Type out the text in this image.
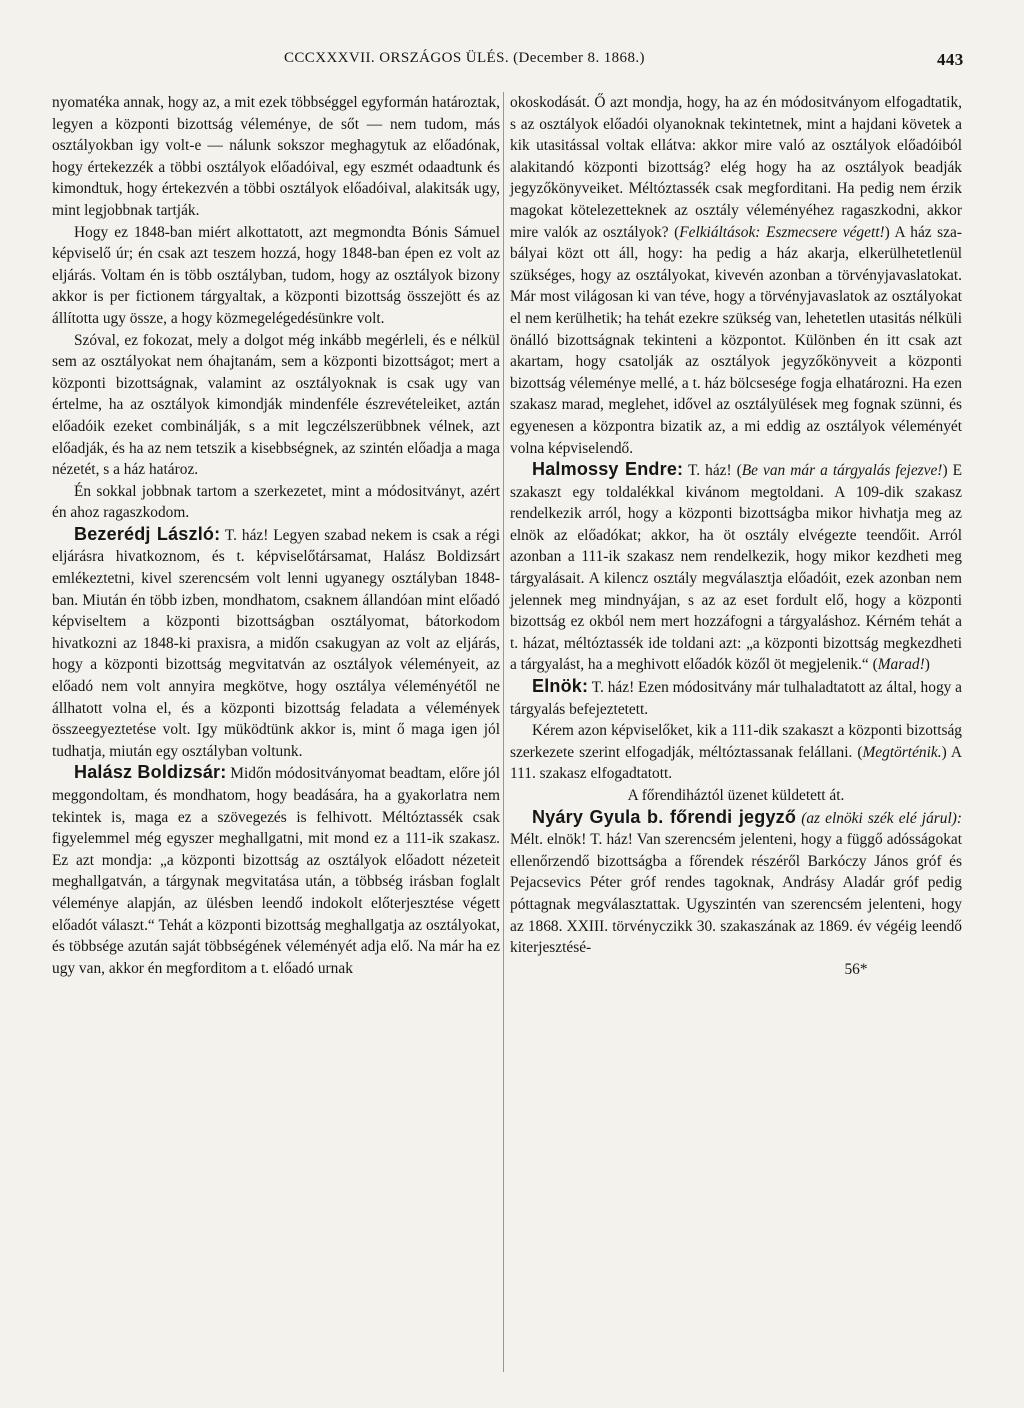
CCCXXXVII. ORSZÁGOS ÜLÉS. (December 8. 1868.)	443

nyomatéka annak, hogy az, a mit ezek többséggel egyformán határoztak, legyen a központi bizottság véleménye, de sőt — nem tudom, más osztályokban igy volt-e — nálunk sokszor meghagytuk az előadónak, hogy értekezzék a többi osztályok előadóival, egy eszmét odaadtunk és kimondtuk, hogy értekezvén a többi osztályok előadóival, alakitsák ugy, mint legjobbnak tartják.

Hogy ez 1848-ban miért alkottatott, azt megmondta Bónis Sámuel képviselő úr; én csak azt teszem hozzá, hogy 1848-ban épen ez volt az eljárás. Voltam én is több osztályban, tudom, hogy az osztályok bizony akkor is per fictionem tárgyaltak, a központi bizottság összejött és az állította ugy össze, a hogy közmegelégedésünkre volt.

Szóval, ez fokozat, mely a dolgot még inkább megérleli, és e nélkül sem az osztályokat nem óhajtanám, sem a központi bizottságot; mert a központi bizottságnak, valamint az osztályoknak is csak ugy van értelme, ha az osztályok kimondják mindenféle észrevételeiket, aztán előadóik ezeket combinálják, s a mit legczélszerübbnek vélnek, azt előadják, és ha az nem tetszik a kisebbségnek, az szintén előadja a maga nézetét, s a ház határoz.

Én sokkal jobbnak tartom a szerkezetet, mint a módositványt, azért én ahoz ragaszkodom.

Bezerédj László: T. ház! Legyen szabad nekem is csak a régi eljárásra hivatkoznom, és t. képviselőtársamat, Halász Boldizsárt emlékeztetni, kivel szerencsém volt lenni ugyanegy osztályban 1848-ban. Miután én több izben, mondhatom, csaknem állandóan mint előadó képviseltem a központi bizottságban osztályomat, bátorkodom hivatkozni az 1848-ki praxisra, a midőn csakugyan az volt az eljárás, hogy a központi bizottság megvitatván az osztályok véleményeit, az előadó nem volt annyira megkötve, hogy osztálya véleményétől ne állhatott volna el, és a központi bizottság feladata a vélemények összeegyeztetése volt. Igy müködtünk akkor is, mint ő maga igen jól tudhatja, miután egy osztályban voltunk.

Halász Boldizsár: Midőn módositványomat beadtam, előre jól meggondoltam, és mondhatom, hogy beadására, ha a gyakorlatra nem tekintek is, maga ez a szövegezés is felhivott. Méltóztassék csak figyelemmel még egyszer meghallgatni, mit mond ez a 111-ik szakasz. Ez azt mondja: „a központi bizottság az osztályok előadott nézeteit meghallgatván, a tárgynak megvitatása után, a többség irásban foglalt véleménye alapján, az ülésben leendő indokolt előterjesztése végett előadót választ.“ Tehát a központi bizottság meghallgatja az osztályokat, és többsége azután saját többségének véleményét adja elő. Na már ha ez ugy van, akkor én megforditom a t. előadó urnak

okoskodását. Ő azt mondja, hogy, ha az én módositványom elfogadtatik, s az osztályok előadói olyanoknak tekintetnek, mint a hajdani követek a kik utasitással voltak ellátva: akkor mire való az osztályok előadóiból alakitandó központi bizottság? elég hogy ha az osztályok beadják jegyzőkönyveiket. Méltóztassék csak megforditani. Ha pedig nem érzik magokat kötelezetteknek az osztály véleményéhez ragaszkodni, akkor mire valók az osztályok? (Felkiáltások: Eszmecsere végett!) A ház szabályai közt ott áll, hogy: ha pedig a ház akarja, elkerülhetetlenül szükséges, hogy az osztályokat, kivevén azonban a törvényjavaslatokat. Már most világosan ki van téve, hogy a törvényjavaslatok az osztályokat el nem kerülhetik; ha tehát ezekre szükség van, lehetetlen utasitás nélküli önálló bizottságnak tekinteni a központot. Különben én itt csak azt akartam, hogy csatolják az osztályok jegyzőkönyveit a központi bizottság véleménye mellé, a t. ház bölcsesége fogja elhatározni. Ha ezen szakasz marad, meglehet, idővel az osztályülések meg fognak szünni, és egyenesen a központra bizatik az, a mi eddig az osztályok véleményét volna képviselendő.

Halmossy Endre: T. ház! (Be van már a tárgyalás fejezve!) E szakaszt egy toldalékkal kivánom megtoldani. A 109-dik szakasz rendelkezik arról, hogy a központi bizottságba mikor hivhatja meg az elnök az előadókat; akkor, ha öt osztály elvégezte teendőit. Arról azonban a 111-ik szakasz nem rendelkezik, hogy mikor kezdheti meg tárgyalásait. A kilencz osztály megválasztja előadóit, ezek azonban nem jelennek meg mindnyájan, s az az eset fordult elő, hogy a központi bizottság ez okból nem mert hozzáfogni a tárgyaláshoz. Kérném tehát a t. házat, méltóztassék ide toldani azt: „a központi bizottság megkezdheti a tárgyalást, ha a meghivott előadók közől öt megjelenik.“ (Marad!)

Elnök: T. ház! Ezen módositvány már tulhaladtatott az által, hogy a tárgyalás befejeztetett.

Kérem azon képviselőket, kik a 111-dik szakaszt a központi bizottság szerkezete szerint elfogadják, méltóztassanak felállani. (Megtörténik.) A 111. szakasz elfogadtatott.

A főrendiháztól üzenet küldetett át.

Nyáry Gyula b. főrendi jegyző (az elnöki szék elé járul): Mélt. elnök! T. ház! Van szerencsém jelenteni, hogy a függő adósságokat ellenőrzendő bizottságba a főrendek részéről Barkóczy János gróf és Pejacsevics Péter gróf rendes tagoknak, Andrásy Aladár gróf pedig póttagnak megválasztattak. Ugyszintén van szerencsém jelenteni, hogy az 1868. XXIII. törvényczikk 30. szakaszának az 1869. év végéig leendő kiterjesztésé-

56*
